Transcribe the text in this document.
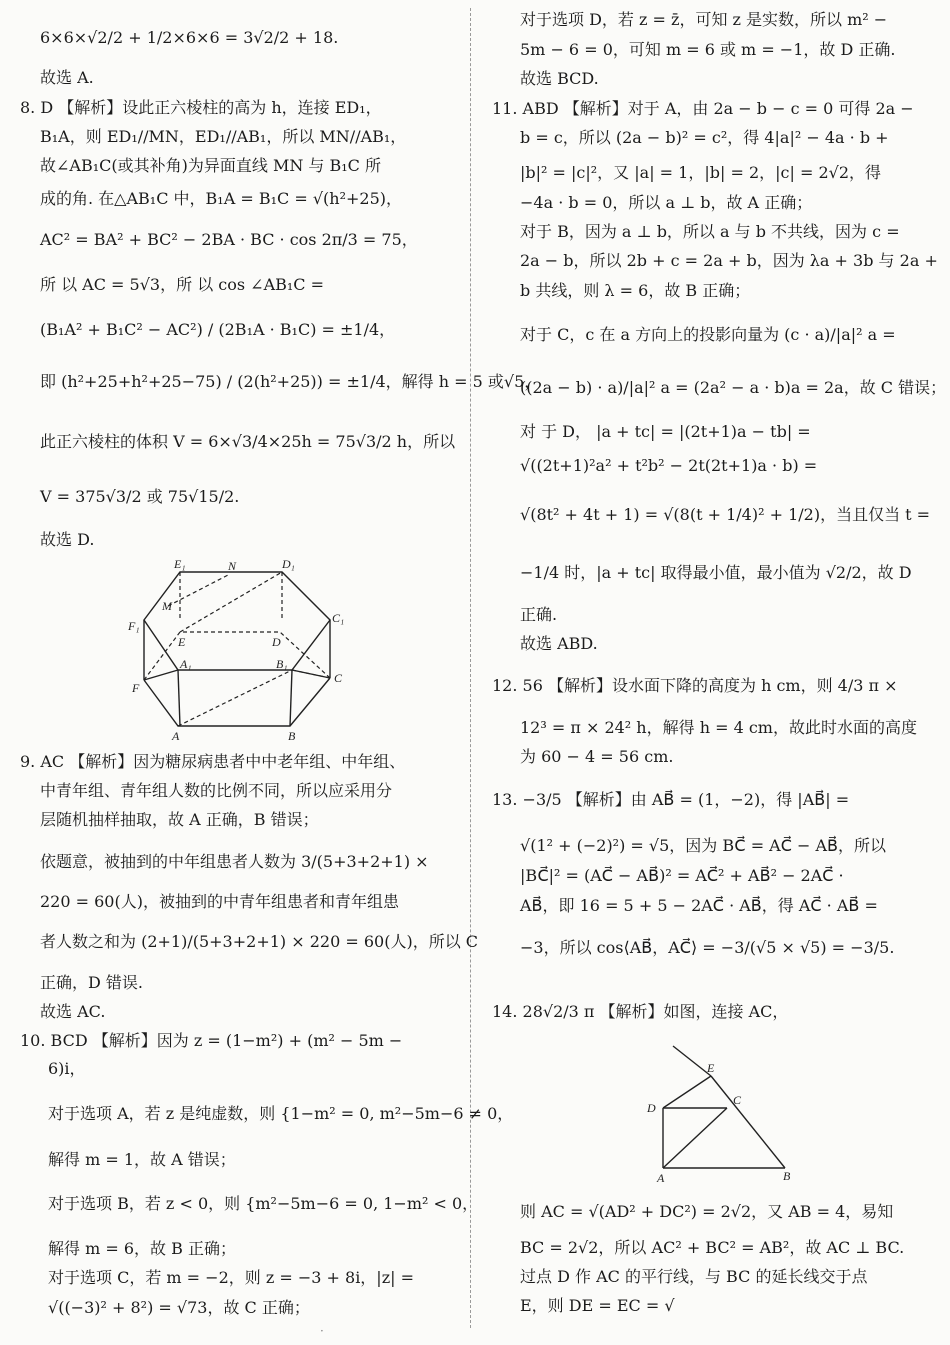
6×6×√2/2 + 1/2×6×6 = 3√2/2 + 18.
故选 A.
8. D 【解析】设此正六棱柱的高为 h，连接 ED₁，
B₁A，则 ED₁//MN，ED₁//AB₁，所以 MN//AB₁，
故∠AB₁C(或其补角)为异面直线 MN 与 B₁C 所
成的角. 在△AB₁C 中，B₁A = B₁C = √(h²+25)，
AC² = BA² + BC² − 2BA · BC · cos 2π/3 = 75，
所 以 AC = 5√3，所 以 cos ∠AB₁C =
(B₁A² + B₁C² − AC²) / (2B₁A · B₁C) = ±1/4，
即 (h²+25+h²+25−75) / (2(h²+25)) = ±1/4，解得 h = 5 或√5，
此正六棱柱的体积 V = 6×√3/4×25h = 75√3/2 h，所以
V = 375√3/2 或 75√15/2.
故选 D.
E₁	N	D₁
M
C₁
F₁
E	D
A₁	B₁
F
C
A	B
9. AC 【解析】因为糖尿病患者中中老年组、中年组、
中青年组、青年组人数的比例不同，所以应采用分
层随机抽样抽取，故 A 正确，B 错误；
依题意，被抽到的中年组患者人数为 3/(5+3+2+1) ×
220 = 60(人)，被抽到的中青年组患者和青年组患
者人数之和为 (2+1)/(5+3+2+1) × 220 = 60(人)，所以 C
正确，D 错误.
故选 AC.
10. BCD 【解析】因为 z = (1−m²) + (m² − 5m −
6)i，
对于选项 A，若 z 是纯虚数，则 {1−m² = 0, m²−5m−6 ≠ 0，
解得 m = 1，故 A 错误；
对于选项 B，若 z < 0，则 {m²−5m−6 = 0, 1−m² < 0，
解得 m = 6，故 B 正确；
对于选项 C，若 m = −2，则 z = −3 + 8i，|z| =
√((−3)² + 8²) = √73，故 C 正确；
对于选项 D，若 z = z̄，可知 z 是实数，所以 m² −
5m − 6 = 0，可知 m = 6 或 m = −1，故 D 正确.
故选 BCD.
11. ABD 【解析】对于 A，由 2a − b − c = 0 可得 2a −
b = c，所以 (2a − b)² = c²，得 4|a|² − 4a · b +
|b|² = |c|²，又 |a| = 1，|b| = 2，|c| = 2√2，得
−4a · b = 0，所以 a ⊥ b，故 A 正确；
对于 B，因为 a ⊥ b，所以 a 与 b 不共线，因为 c =
2a − b，所以 2b + c = 2a + b，因为 λa + 3b 与 2a +
b 共线，则 λ = 6，故 B 正确；
对于 C，c 在 a 方向上的投影向量为 (c · a)/|a|² a =
((2a − b) · a)/|a|² a = (2a² − a · b)a = 2a，故 C 错误；
对 于 D， |a + tc| = |(2t+1)a − tb| =
√((2t+1)²a² + t²b² − 2t(2t+1)a · b) =
√(8t² + 4t + 1) = √(8(t + 1/4)² + 1/2)，当且仅当 t =
−1/4 时，|a + tc| 取得最小值，最小值为 √2/2，故 D
正确.
故选 ABD.
12. 56 【解析】设水面下降的高度为 h cm，则 4/3 π ×
12³ = π × 24² h，解得 h = 4 cm，故此时水面的高度
为 60 − 4 = 56 cm.
13. −3/5 【解析】由 AB⃗ = (1，−2)，得 |AB⃗| =
√(1² + (−2)²) = √5，因为 BC⃗ = AC⃗ − AB⃗，所以
|BC⃗|² = (AC⃗ − AB⃗)² = AC⃗² + AB⃗² − 2AC⃗ ·
AB⃗，即 16 = 5 + 5 − 2AC⃗ · AB⃗，得 AC⃗ · AB⃗ =
−3，所以 cos⟨AB⃗，AC⃗⟩ = −3/(√5 × √5) = −3/5.
14. 28√2/3 π 【解析】如图，连接 AC，
E
D
C
A	B
则 AC = √(AD² + DC²) = 2√2，又 AB = 4，易知
BC = 2√2，所以 AC² + BC² = AB²，故 AC ⊥ BC.
过点 D 作 AC 的平行线，与 BC 的延长线交于点
E，则 DE = EC = √
·
